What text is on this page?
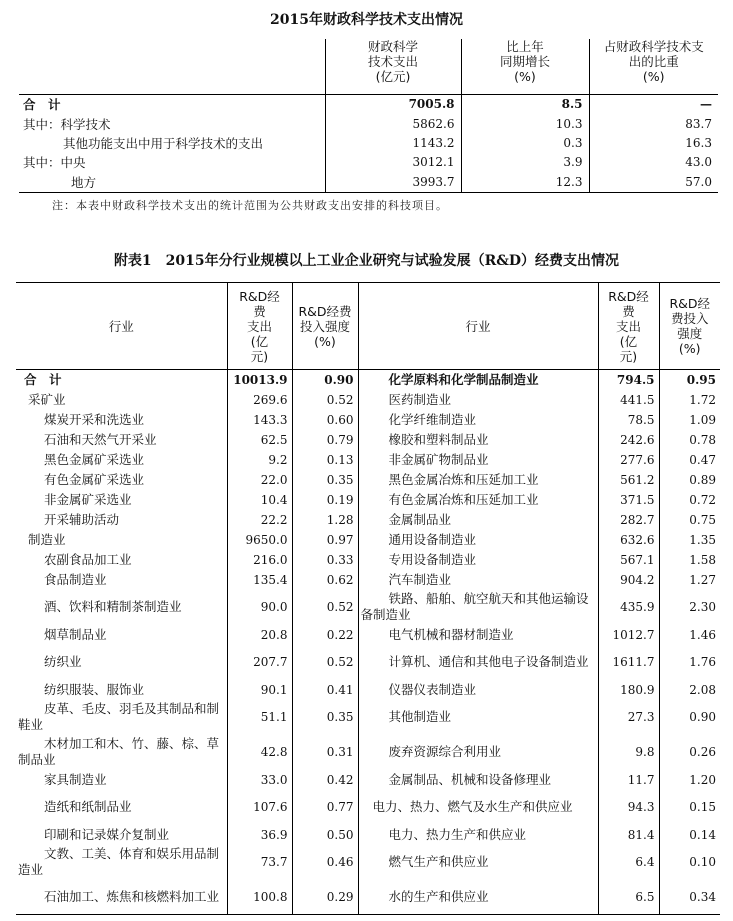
2015年财政科学技术支出情况
	财政科学
技术支出
(亿元)	比上年
同期增长
(%)	占财政科学技术支
出的比重
(%)
合　计	7005.8	8.5	—
其中：科学技术	5862.6	10.3	83.7
其他功能支出中用于科学技术的支出	1143.2	0.3	16.3
其中：中央	3012.1	3.9	43.0
地方	3993.7	12.3	57.0
注：本表中财政科学技术支出的统计范围为公共财政支出安排的科技项目。
附表1　2015年分行业规模以上工业企业研究与试验发展（R&D）经费支出情况
行业	R&D经
费
支出
(亿
元)	R&D经费
投入强度
(%)	行业	R&D经
费
支出
(亿
元)	R&D经
费投入
强度
(%)
合　计	10013.9	0.90	化学原料和化学制品制造业	794.5	0.95
采矿业	269.6	0.52	医药制造业	441.5	1.72
煤炭开采和洗选业	143.3	0.60	化学纤维制造业	78.5	1.09
石油和天然气开采业	62.5	0.79	橡胶和塑料制品业	242.6	0.78
黑色金属矿采选业	9.2	0.13	非金属矿物制品业	277.6	0.47
有色金属矿采选业	22.0	0.35	黑色金属冶炼和压延加工业	561.2	0.89
非金属矿采选业	10.4	0.19	有色金属冶炼和压延加工业	371.5	0.72
开采辅助活动	22.2	1.28	金属制品业	282.7	0.75
制造业	9650.0	0.97	通用设备制造业	632.6	1.35
农副食品加工业	216.0	0.33	专用设备制造业	567.1	1.58
食品制造业	135.4	0.62	汽车制造业	904.2	1.27
酒、饮料和精制茶制造业	90.0	0.52	铁路、船舶、航空航天和其他运输设备制造业	435.9	2.30
烟草制品业	20.8	0.22	电气机械和器材制造业	1012.7	1.46
纺织业	207.7	0.52	计算机、通信和其他电子设备制造业	1611.7	1.76
纺织服装、服饰业	90.1	0.41	仪器仪表制造业	180.9	2.08
皮革、毛皮、羽毛及其制品和制鞋业	51.1	0.35	其他制造业	27.3	0.90
木材加工和木、竹、藤、棕、草制品业	42.8	0.31	废弃资源综合利用业	9.8	0.26
家具制造业	33.0	0.42	金属制品、机械和设备修理业	11.7	1.20
造纸和纸制品业	107.6	0.77	电力、热力、燃气及水生产和供应业	94.3	0.15
印刷和记录媒介复制业	36.9	0.50	电力、热力生产和供应业	81.4	0.14
文教、工美、体育和娱乐用品制造业	73.7	0.46	燃气生产和供应业	6.4	0.10
石油加工、炼焦和核燃料加工业	100.8	0.29	水的生产和供应业	6.5	0.34
